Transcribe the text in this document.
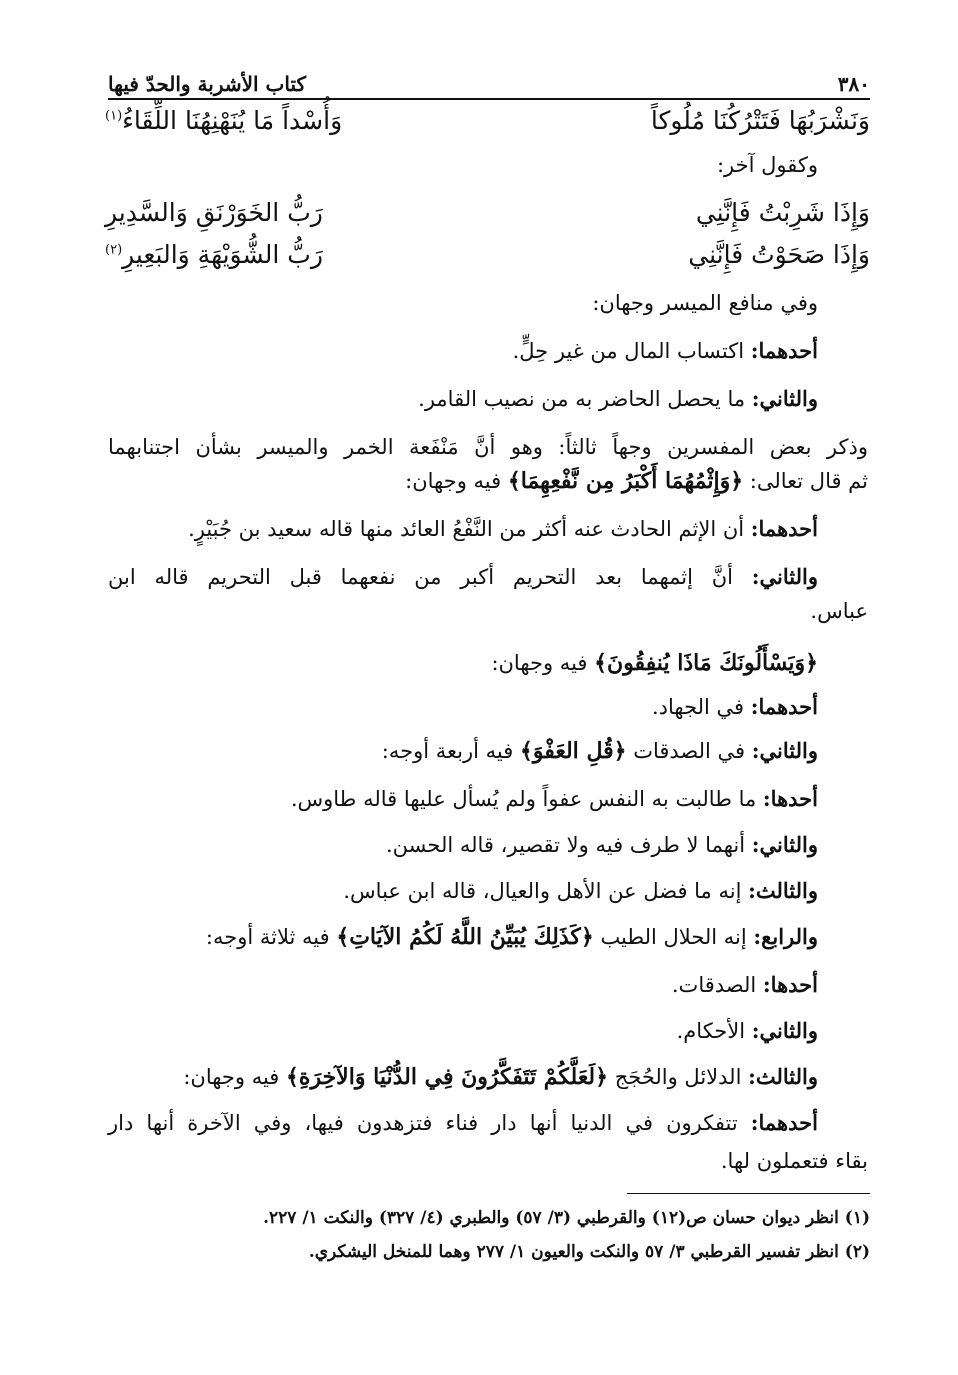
٣٨٠
كتاب الأشربة والحدّ فيها
وَنَشْرَبُهَا فَتَتْرُكُنَا مُلُوكاً
وَأُسْداً مَا يُنَهْنِهُنَا اللِّقَاءُ$^{(١)}$
وكقول آخر:
وَإِذَا شَرِبْتُ فَإِنَّنِي
رَبُّ الخَوَرْنَقِ وَالسَّدِيرِ
وَإِذَا صَحَوْتُ فَإِنَّنِي
رَبُّ الشُّوَيْهَةِ وَالبَعِيرِ$^{(٢)}$
وفي منافع الميسر وجهان:
أحدهما: اكتساب المال من غير حِلٍّ.
والثاني: ما يحصل الحاضر به من نصيب القامر.
وذكر بعض المفسرين وجهاً ثالثاً: وهو أنَّ مَنْفَعة الخمر والميسر بشأن اجتنابهما
ثم قال تعالى: ﴿وَإِثْمُهُمَا أَكْبَرُ مِن نَّفْعِهِمَا﴾ فيه وجهان:
أحدهما: أن الإثم الحادث عنه أكثر من النَّفْعُ العائد منها قاله سعيد بن جُبَيْرٍ.
والثاني: أنَّ إثمهما بعد التحريم أكبر من نفعهما قبل التحريم قاله ابن
عباس.
﴿وَيَسْأَلُونَكَ مَاذَا يُنفِقُونَ﴾ فيه وجهان:
أحدهما: في الجهاد.
والثاني: في الصدقات ﴿قُلِ العَفْوَ﴾ فيه أربعة أوجه:
أحدها: ما طالبت به النفس عفواً ولم يُسأل عليها قاله طاوس.
والثاني: أنهما لا طرف فيه ولا تقصير، قاله الحسن.
والثالث: إنه ما فضل عن الأهل والعيال، قاله ابن عباس.
والرابع: إنه الحلال الطيب ﴿كَذَلِكَ يُبَيِّنُ اللَّهُ لَكُمُ الآيَاتِ﴾ فيه ثلاثة أوجه:
أحدها: الصدقات.
والثاني: الأحكام.
والثالث: الدلائل والحُجَج ﴿لَعَلَّكُمْ تَتَفَكَّرُونَ فِي الدُّنْيَا وَالآخِرَةِ﴾ فيه وجهان:
أحدهما: تتفكرون في الدنيا أنها دار فناء فتزهدون فيها، وفي الآخرة أنها دار
بقاء فتعملون لها.
(١) انظر ديوان حسان ص(١٢) والقرطبي (٣/ ٥٧) والطبري (٤/ ٣٢٧) والنكت ١/ ٢٢٧.
(٢) انظر تفسير القرطبي ٣/ ٥٧ والنكت والعيون ١/ ٢٧٧ وهما للمنخل اليشكري.
